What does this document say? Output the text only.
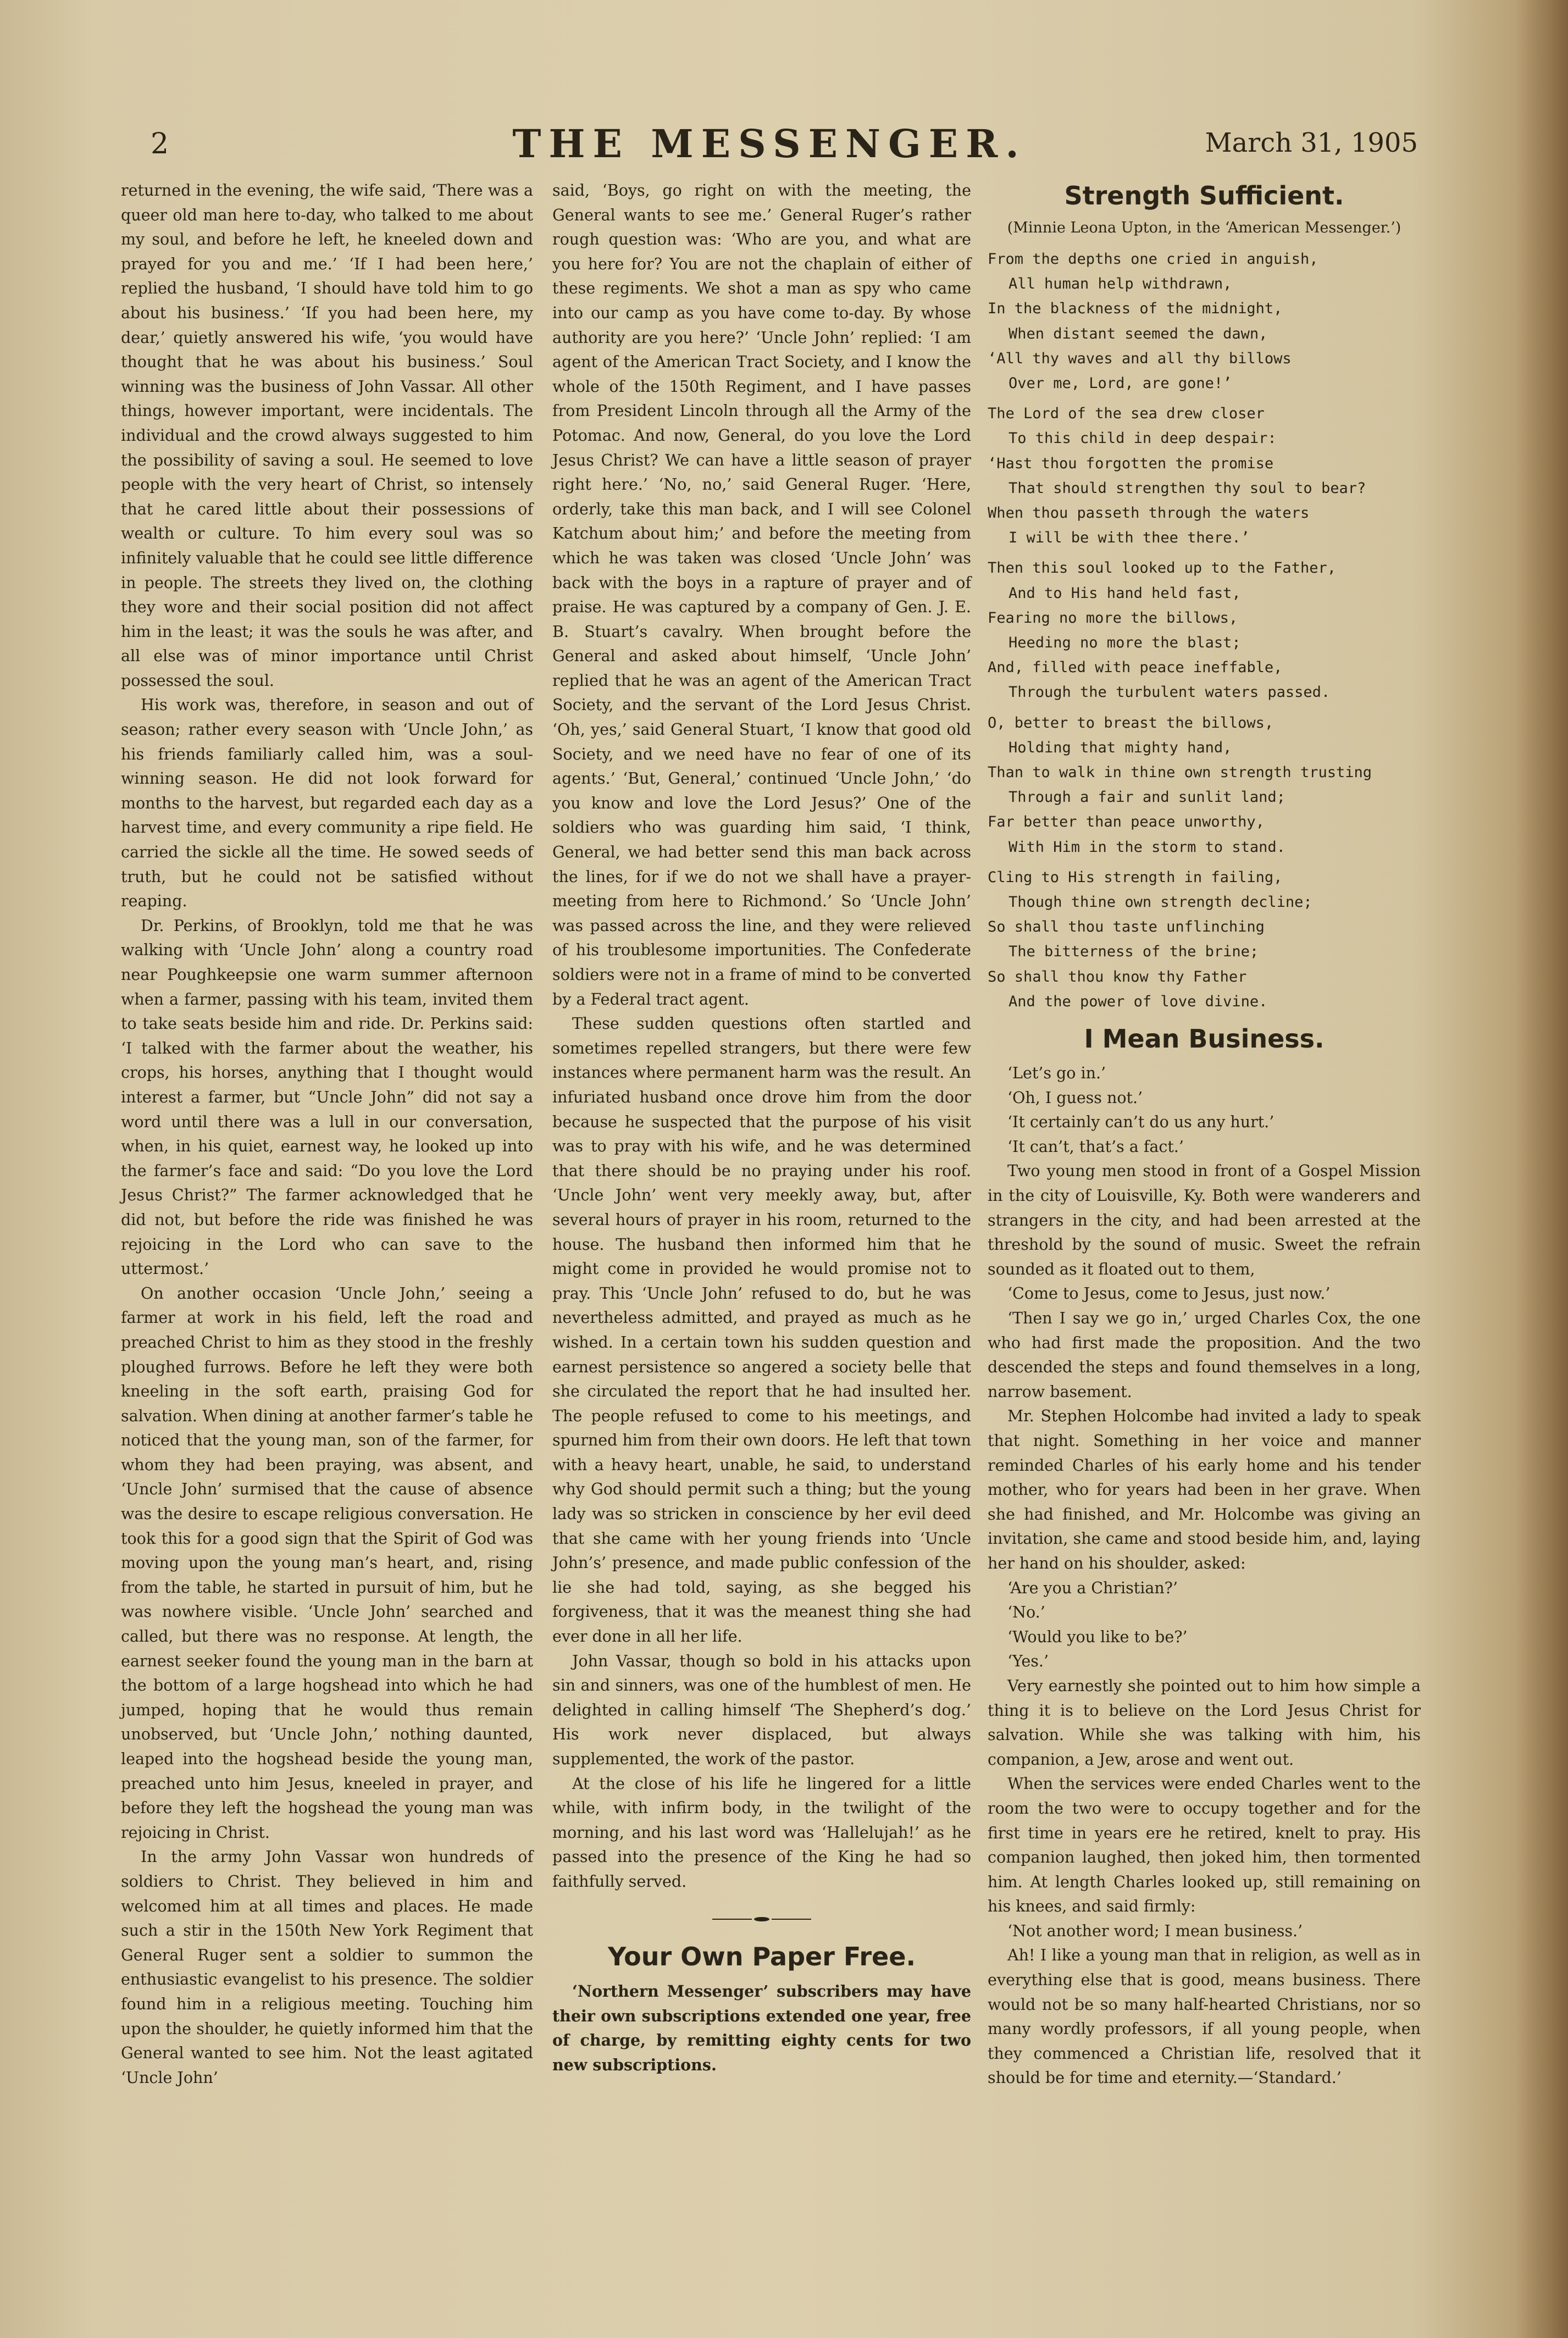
2	THE MESSENGER.	March 31, 1905

returned in the evening, the wife said, ‘There was a queer old man here to-day, who talked to me about my soul, and before he left, he kneeled down and prayed for you and me.’ ‘If I had been here,’ replied the husband, ‘I should have told him to go about his business.’ ‘If you had been here, my dear,’ quietly answered his wife, ‘you would have thought that he was about his business.’ Soul winning was the business of John Vassar. All other things, however important, were incidentals. The individual and the crowd always suggested to him the possibility of saving a soul. He seemed to love people with the very heart of Christ, so intensely that he cared little about their possessions of wealth or culture. To him every soul was so infinitely valuable that he could see little difference in people. The streets they lived on, the clothing they wore and their social position did not affect him in the least; it was the souls he was after, and all else was of minor importance until Christ possessed the soul.

His work was, therefore, in season and out of season; rather every season with ‘Uncle John,’ as his friends familiarly called him, was a soul-winning season. He did not look forward for months to the harvest, but regarded each day as a harvest time, and every community a ripe field. He carried the sickle all the time. He sowed seeds of truth, but he could not be satisfied without reaping.

Dr. Perkins, of Brooklyn, told me that he was walking with ‘Uncle John’ along a country road near Poughkeepsie one warm summer afternoon when a farmer, passing with his team, invited them to take seats beside him and ride. Dr. Perkins said: ‘I talked with the farmer about the weather, his crops, his horses, anything that I thought would interest a farmer, but “Uncle John” did not say a word until there was a lull in our conversation, when, in his quiet, earnest way, he looked up into the farmer’s face and said: “Do you love the Lord Jesus Christ?” The farmer acknowledged that he did not, but before the ride was finished he was rejoicing in the Lord who can save to the uttermost.’

On another occasion ‘Uncle John,’ seeing a farmer at work in his field, left the road and preached Christ to him as they stood in the freshly ploughed furrows. Before he left they were both kneeling in the soft earth, praising God for salvation. When dining at another farmer’s table he noticed that the young man, son of the farmer, for whom they had been praying, was absent, and ‘Uncle John’ surmised that the cause of absence was the desire to escape religious conversation. He took this for a good sign that the Spirit of God was moving upon the young man’s heart, and, rising from the table, he started in pursuit of him, but he was nowhere visible. ‘Uncle John’ searched and called, but there was no response. At length, the earnest seeker found the young man in the barn at the bottom of a large hogshead into which he had jumped, hoping that he would thus remain unobserved, but ‘Uncle John,’ nothing daunted, leaped into the hogshead beside the young man, preached unto him Jesus, kneeled in prayer, and before they left the hogshead the young man was rejoicing in Christ.

In the army John Vassar won hundreds of soldiers to Christ. They believed in him and welcomed him at all times and places. He made such a stir in the 150th New York Regiment that General Ruger sent a soldier to summon the enthusiastic evangelist to his presence. The soldier found him in a religious meeting. Touching him upon the shoulder, he quietly informed him that the General wanted to see him. Not the least agitated ‘Uncle John’

said, ‘Boys, go right on with the meeting, the General wants to see me.’ General Ruger’s rather rough question was: ‘Who are you, and what are you here for? You are not the chaplain of either of these regiments. We shot a man as spy who came into our camp as you have come to-day. By whose authority are you here?’ ‘Uncle John’ replied: ‘I am agent of the American Tract Society, and I know the whole of the 150th Regiment, and I have passes from President Lincoln through all the Army of the Potomac. And now, General, do you love the Lord Jesus Christ? We can have a little season of prayer right here.’ ‘No, no,’ said General Ruger. ‘Here, orderly, take this man back, and I will see Colonel Katchum about him;’ and before the meeting from which he was taken was closed ‘Uncle John’ was back with the boys in a rapture of prayer and of praise. He was captured by a company of Gen. J. E. B. Stuart’s cavalry. When brought before the General and asked about himself, ‘Uncle John’ replied that he was an agent of the American Tract Society, and the servant of the Lord Jesus Christ. ‘Oh, yes,’ said General Stuart, ‘I know that good old Society, and we need have no fear of one of its agents.’ ‘But, General,’ continued ‘Uncle John,’ ‘do you know and love the Lord Jesus?’ One of the soldiers who was guarding him said, ‘I think, General, we had better send this man back across the lines, for if we do not we shall have a prayer-meeting from here to Richmond.’ So ‘Uncle John’ was passed across the line, and they were relieved of his troublesome importunities. The Confederate soldiers were not in a frame of mind to be converted by a Federal tract agent.

These sudden questions often startled and sometimes repelled strangers, but there were few instances where permanent harm was the result. An infuriated husband once drove him from the door because he suspected that the purpose of his visit was to pray with his wife, and he was determined that there should be no praying under his roof. ‘Uncle John’ went very meekly away, but, after several hours of prayer in his room, returned to the house. The husband then informed him that he might come in provided he would promise not to pray. This ‘Uncle John’ refused to do, but he was nevertheless admitted, and prayed as much as he wished. In a certain town his sudden question and earnest persistence so angered a society belle that she circulated the report that he had insulted her. The people refused to come to his meetings, and spurned him from their own doors. He left that town with a heavy heart, unable, he said, to understand why God should permit such a thing; but the young lady was so stricken in conscience by her evil deed that she came with her young friends into ‘Uncle John’s’ presence, and made public confession of the lie she had told, saying, as she begged his forgiveness, that it was the meanest thing she had ever done in all her life.

John Vassar, though so bold in his attacks upon sin and sinners, was one of the humblest of men. He delighted in calling himself ‘The Shepherd’s dog.’ His work never displaced, but always supplemented, the work of the pastor.

At the close of his life he lingered for a little while, with infirm body, in the twilight of the morning, and his last word was ‘Hallelujah!’ as he passed into the presence of the King he had so faithfully served.

Your Own Paper Free.

‘Northern Messenger’ subscribers may have their own subscriptions extended one year, free of charge, by remitting eighty cents for two new subscriptions.

Strength Sufficient.
(Minnie Leona Upton, in the ‘American Messenger.’)
From the depths one cried in anguish,
All human help withdrawn,
In the blackness of the midnight,
When distant seemed the dawn,
‘All thy waves and all thy billows
Over me, Lord, are gone!’
The Lord of the sea drew closer
To this child in deep despair:
‘Hast thou forgotten the promise
That should strengthen thy soul to bear?
When thou passeth through the waters
I will be with thee there.’
Then this soul looked up to the Father,
And to His hand held fast,
Fearing no more the billows,
Heeding no more the blast;
And, filled with peace ineffable,
Through the turbulent waters passed.
O, better to breast the billows,
Holding that mighty hand,
Than to walk in thine own strength trusting
Through a fair and sunlit land;
Far better than peace unworthy,
With Him in the storm to stand.
Cling to His strength in failing,
Though thine own strength decline;
So shall thou taste unflinching
The bitterness of the brine;
So shall thou know thy Father
And the power of love divine.
I Mean Business.

‘Let’s go in.’

‘Oh, I guess not.’

‘It certainly can’t do us any hurt.’

‘It can’t, that’s a fact.’

Two young men stood in front of a Gospel Mission in the city of Louisville, Ky. Both were wanderers and strangers in the city, and had been arrested at the threshold by the sound of music. Sweet the refrain sounded as it floated out to them,

‘Come to Jesus, come to Jesus, just now.’

‘Then I say we go in,’ urged Charles Cox, the one who had first made the proposition. And the two descended the steps and found themselves in a long, narrow basement.

Mr. Stephen Holcombe had invited a lady to speak that night. Something in her voice and manner reminded Charles of his early home and his tender mother, who for years had been in her grave. When she had finished, and Mr. Holcombe was giving an invitation, she came and stood beside him, and, laying her hand on his shoulder, asked:

‘Are you a Christian?’

‘No.’

‘Would you like to be?’

‘Yes.’

Very earnestly she pointed out to him how simple a thing it is to believe on the Lord Jesus Christ for salvation. While she was talking with him, his companion, a Jew, arose and went out.

When the services were ended Charles went to the room the two were to occupy together and for the first time in years ere he retired, knelt to pray. His companion laughed, then joked him, then tormented him. At length Charles looked up, still remaining on his knees, and said firmly:

‘Not another word; I mean business.’

Ah! I like a young man that in religion, as well as in everything else that is good, means business. There would not be so many half-hearted Christians, nor so many wordly professors, if all young people, when they commenced a Christian life, resolved that it should be for time and eternity.—‘Standard.’
